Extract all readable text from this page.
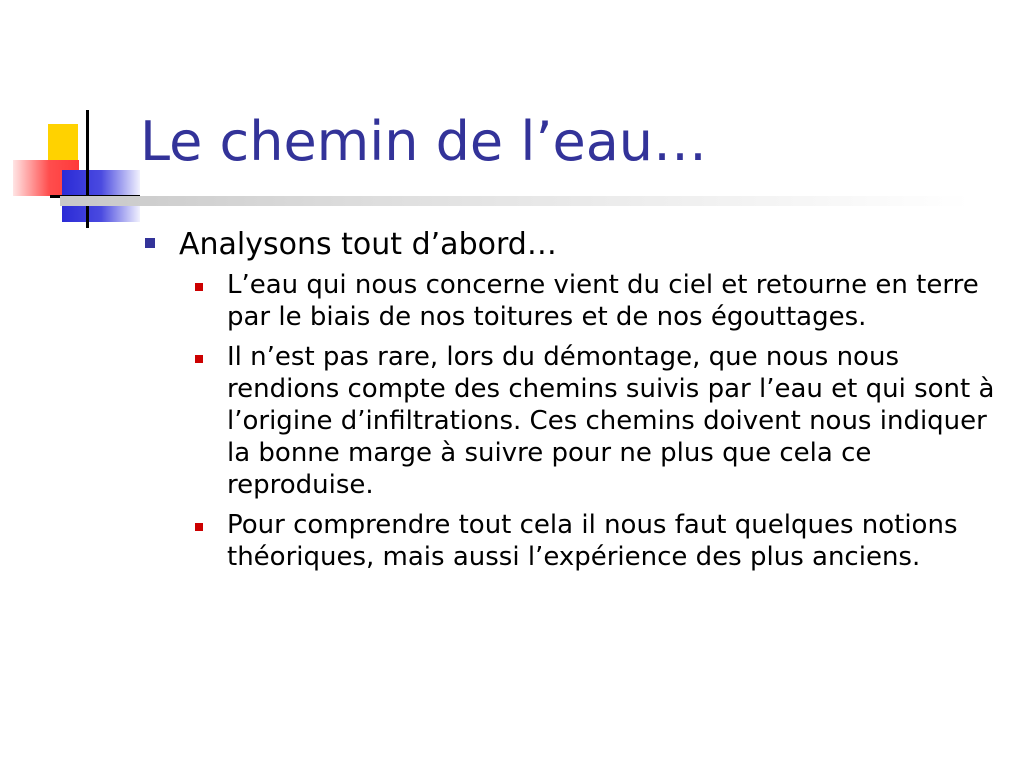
Le chemin de l’eau…
Analysons tout d’abord…
L’eau qui nous concerne vient du ciel et retourne en terre par le biais de nos toitures et de nos égouttages.
Il n’est pas rare, lors du démontage, que nous nous rendions compte des chemins suivis par l’eau et qui sont à l’origine d’infiltrations. Ces chemins doivent nous indiquer la bonne marge à suivre pour ne plus que cela ce reproduise.
Pour comprendre tout cela il nous faut quelques notions théoriques, mais aussi l’expérience des plus anciens.
